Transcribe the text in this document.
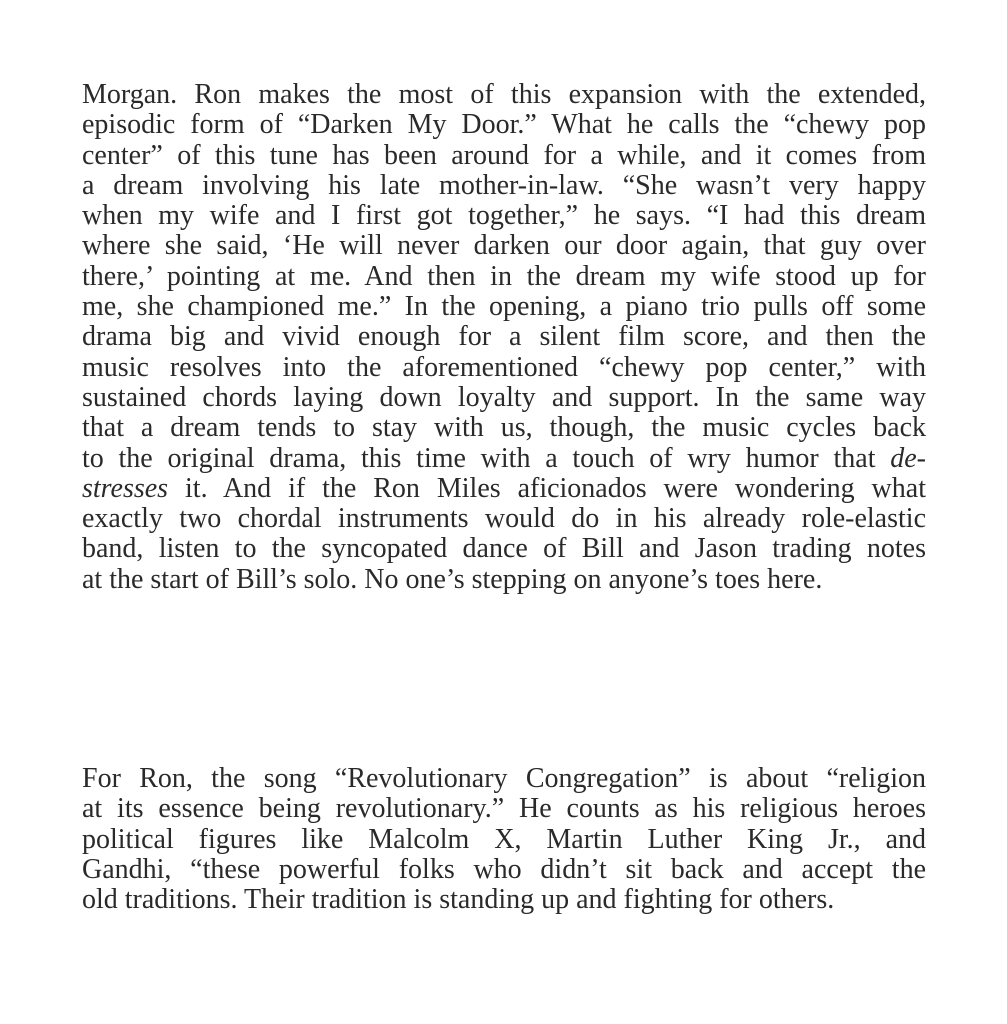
Morgan. Ron makes the most of this expansion with the extended,
episodic form of “Darken My Door.” What he calls the “chewy pop
center” of this tune has been around for a while, and it comes from
a dream involving his late mother-in-law. “She wasn’t very happy
when my wife and I first got together,” he says. “I had this dream
where she said, ‘He will never darken our door again, that guy over
there,’ pointing at me. And then in the dream my wife stood up for
me, she championed me.” In the opening, a piano trio pulls off some
drama big and vivid enough for a silent film score, and then the
music resolves into the aforementioned “chewy pop center,” with
sustained chords laying down loyalty and support. In the same way
that a dream tends to stay with us, though, the music cycles back
to the original drama, this time with a touch of wry humor that de-
stresses it. And if the Ron Miles aficionados were wondering what
exactly two chordal instruments would do in his already role-elastic
band, listen to the syncopated dance of Bill and Jason trading notes
at the start of Bill’s solo. No one’s stepping on anyone’s toes here.
For Ron, the song “Revolutionary Congregation” is about “religion
at its essence being revolutionary.” He counts as his religious heroes
political figures like Malcolm X, Martin Luther King Jr., and
Gandhi, “these powerful folks who didn’t sit back and accept the
old traditions. Their tradition is standing up and fighting for others.
